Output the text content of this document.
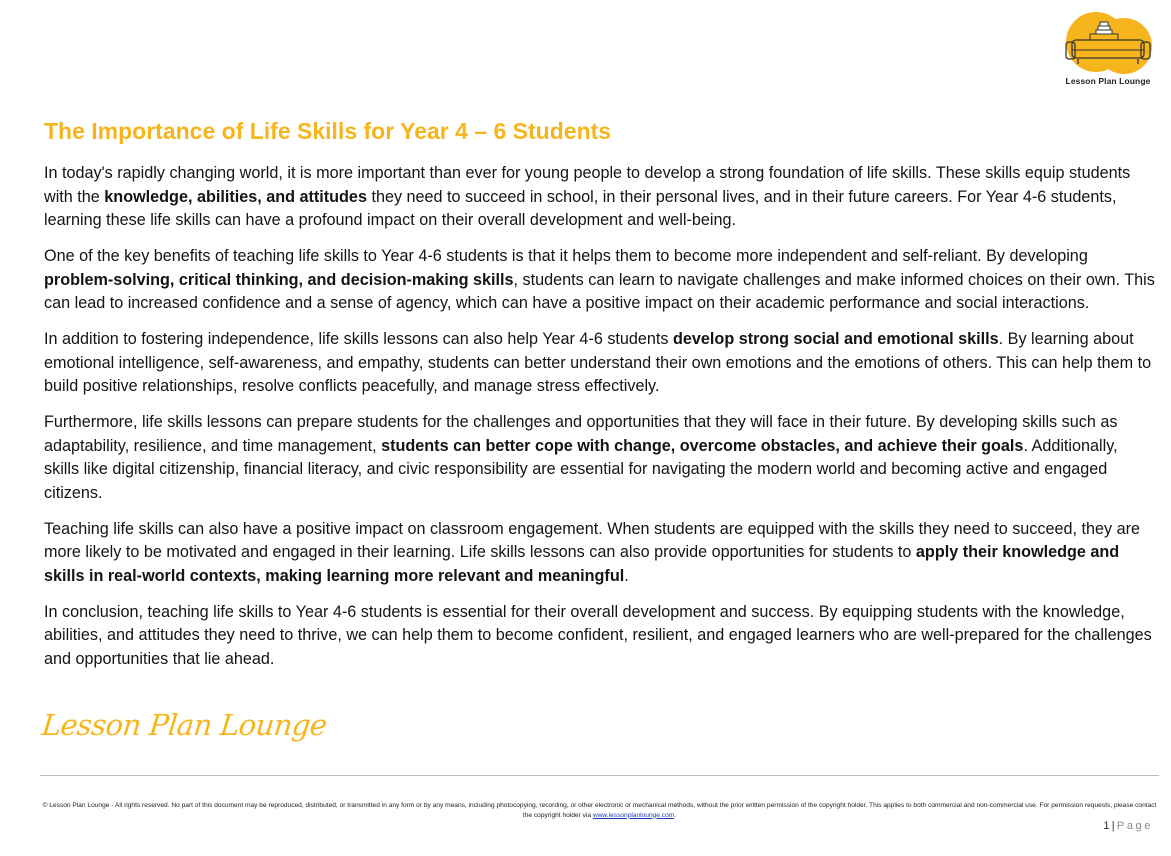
Lesson Plan Lounge
The Importance of Life Skills for Year 4 – 6 Students

In today's rapidly changing world, it is more important than ever for young people to develop a strong foundation of life skills. These skills equip students with the knowledge, abilities, and attitudes they need to succeed in school, in their personal lives, and in their future careers. For Year 4-6 students, learning these life skills can have a profound impact on their overall development and well-being.

One of the key benefits of teaching life skills to Year 4-6 students is that it helps them to become more independent and self-reliant. By developing problem-solving, critical thinking, and decision-making skills, students can learn to navigate challenges and make informed choices on their own. This can lead to increased confidence and a sense of agency, which can have a positive impact on their academic performance and social interactions.

In addition to fostering independence, life skills lessons can also help Year 4-6 students develop strong social and emotional skills. By learning about emotional intelligence, self-awareness, and empathy, students can better understand their own emotions and the emotions of others. This can help them to build positive relationships, resolve conflicts peacefully, and manage stress effectively.

Furthermore, life skills lessons can prepare students for the challenges and opportunities that they will face in their future. By developing skills such as adaptability, resilience, and time management, students can better cope with change, overcome obstacles, and achieve their goals. Additionally, skills like digital citizenship, financial literacy, and civic responsibility are essential for navigating the modern world and becoming active and engaged citizens.

Teaching life skills can also have a positive impact on classroom engagement. When students are equipped with the skills they need to succeed, they are more likely to be motivated and engaged in their learning. Life skills lessons can also provide opportunities for students to apply their knowledge and skills in real-world contexts, making learning more relevant and meaningful.

In conclusion, teaching life skills to Year 4-6 students is essential for their overall development and success. By equipping students with the knowledge, abilities, and attitudes they need to thrive, we can help them to become confident, resilient, and engaged learners who are well-prepared for the challenges and opportunities that lie ahead.

Lesson Plan Lounge
© Lesson Plan Lounge - All rights reserved. No part of this document may be reproduced, distributed, or transmitted in any form or by any means, including photocopying, recording, or other electronic or mechanical methods, without the prior written permission of the copyright holder. This applies to both commercial and non-commercial use. For permission requests, please contact the copyright holder via www.lessonplanlounge.com.
1 | Page
